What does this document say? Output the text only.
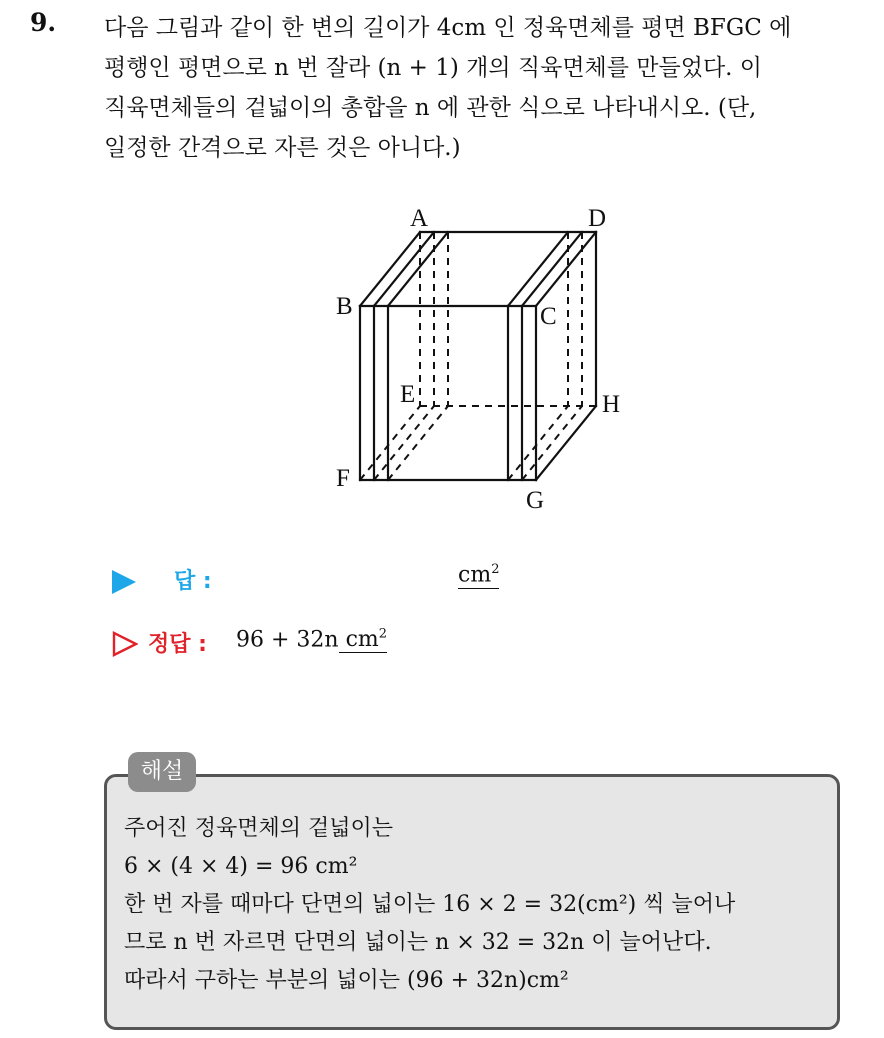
9. 다음 그림과 같이 한 변의 길이가 4cm 인 정육면체를 평면 BFGC 에
평행인 평면으로 n 번 잘라 (n + 1) 개의 직육면체를 만들었다. 이
직육면체들의 겉넓이의 총합을 n 에 관한 식으로 나타내시오. (단,
일정한 간격으로 자른 것은 아니다.)
A
B	C
D
E
F
G
H
답 :	$cm^2$
정답 : 96 + 32n $cm^2$
해설
주어진 정육면체의 겉넓이는
6 × (4 × 4) = 96 cm²
한 번 자를 때마다 단면의 넓이는 16 × 2 = 32(cm²) 씩 늘어나
므로 n 번 자르면 단면의 넓이는 n × 32 = 32n 이 늘어난다.
따라서 구하는 부분의 넓이는 (96 + 32n)cm²
